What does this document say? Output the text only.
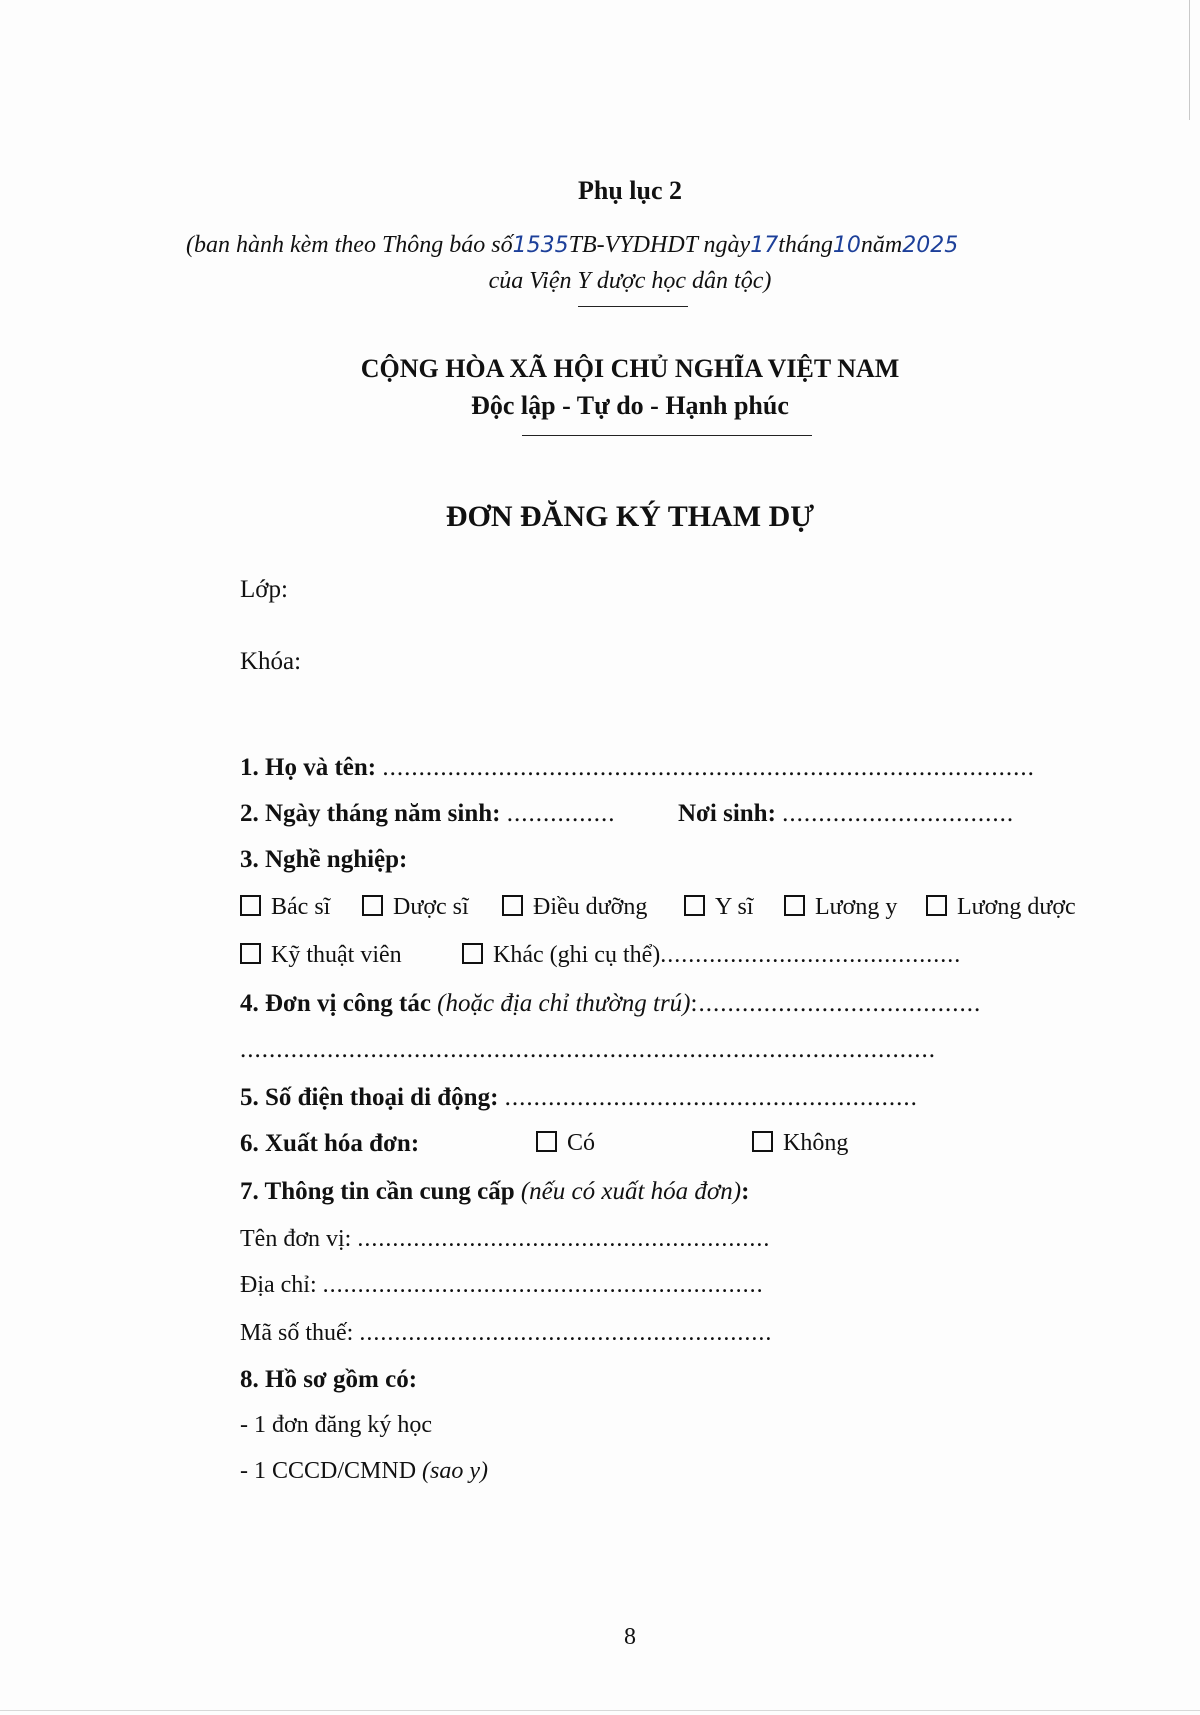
Phụ lục 2
(ban hành kèm theo Thông báo số1535TB-VYDHDT ngày17tháng10năm2025
của Viện Y dược học dân tộc)
CỘNG HÒA XÃ HỘI CHỦ NGHĨA VIỆT NAM
Độc lập - Tự do - Hạnh phúc
ĐƠN ĐĂNG KÝ THAM DỰ
Lớp:
Khóa:
1. Họ và tên: ..........................................................................................
2. Ngày tháng năm sinh: ...............	Nơi sinh: ................................
3. Nghề nghiệp:
Bác sĩ	Dược sĩ	Điều dưỡng	Y sĩ	Lương y	Lương dược
Kỹ thuật viên	Khác (ghi cụ thể)...........................................
4. Đơn vị công tác (hoặc địa chỉ thường trú):.......................................
................................................................................................
5. Số điện thoại di động: .........................................................
6. Xuất hóa đơn:	Có	Không
7. Thông tin cần cung cấp (nếu có xuất hóa đơn):
Tên đơn vị: ...........................................................
Địa chỉ: ...............................................................
Mã số thuế: ...........................................................
8. Hồ sơ gồm có:
- 1 đơn đăng ký học
- 1 CCCD/CMND (sao y)
8
